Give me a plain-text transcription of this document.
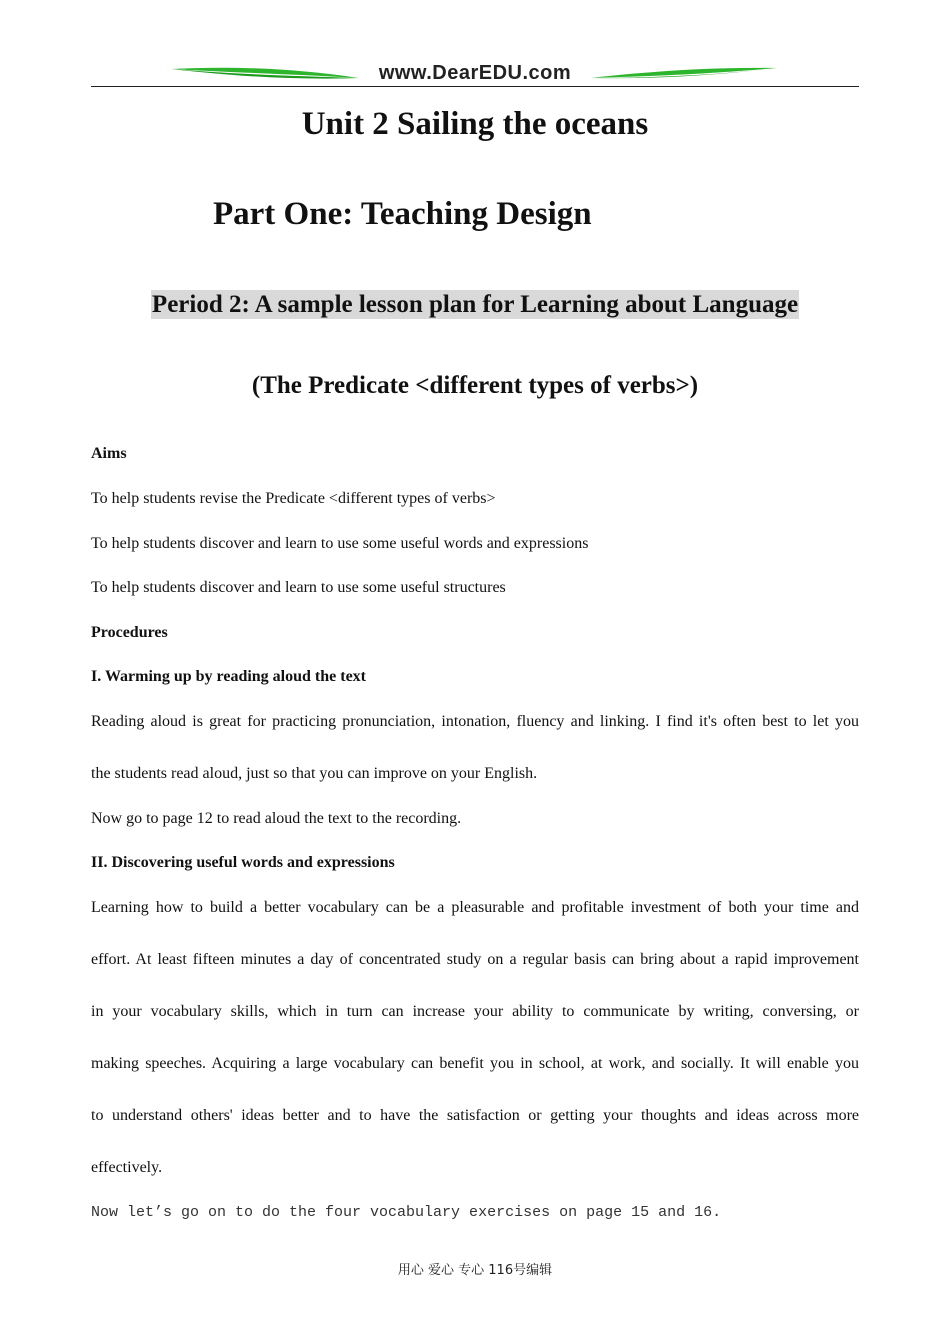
www.DearEDU.com
Unit 2 Sailing the oceans
Part One: Teaching Design
Period 2: A sample lesson plan for Learning about Language
(The Predicate <different types of verbs>)
Aims
To help students revise the Predicate <different types of verbs>
To help students discover and learn to use some useful words and expressions
To help students discover and learn to use some useful structures
Procedures
I. Warming up by reading aloud the text
Reading aloud is great for practicing pronunciation, intonation, fluency and linking. I find it's often best to let you
the students read aloud, just so that you can improve on your English.
Now go to page 12 to read aloud the text to the recording.
II. Discovering useful words and expressions
Learning how to build a better vocabulary can be a pleasurable and profitable investment of both your time and
effort. At least fifteen minutes a day of concentrated study on a regular basis can bring about a rapid improvement
in your vocabulary skills, which in turn can increase your ability to communicate by writing, conversing, or
making speeches. Acquiring a large vocabulary can benefit you in school, at work, and socially. It will enable you
to understand others' ideas better and to have the satisfaction or getting your thoughts and ideas across more
effectively.
Now let’s go on to do the four vocabulary exercises on page 15 and 16.
用心 爱心 专心 116号编辑
